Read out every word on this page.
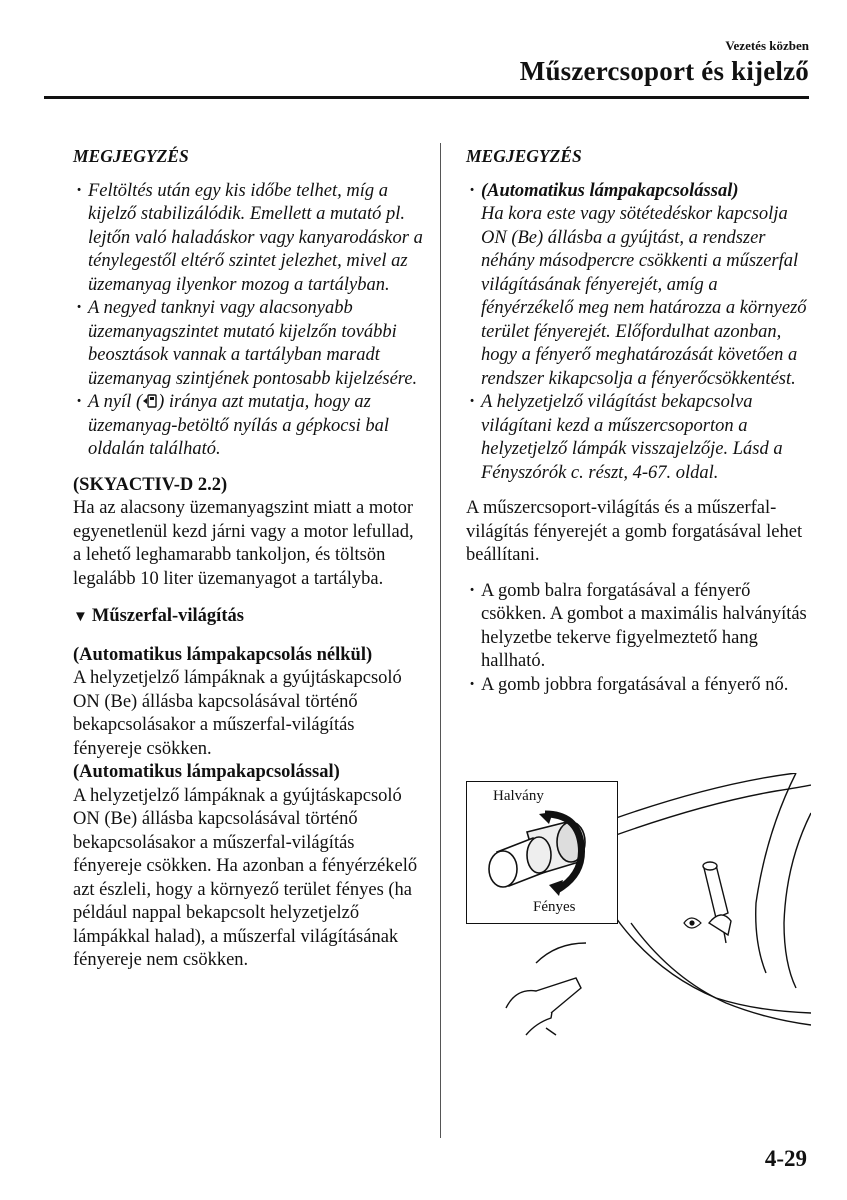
Vezetés közben
Műszercsoport és kijelző
MEGJEGYZÉS
· Feltöltés után egy kis időbe telhet, míg a kijelző stabilizálódik. Emellett a mutató pl. lejtőn való haladáskor vagy kanyarodáskor a ténylegestől eltérő szintet jelezhet, mivel az üzemanyag ilyenkor mozog a tartályban.
· A negyed tanknyi vagy alacsonyabb üzemanyagszintet mutató kijelzőn további beosztások vannak a tartályban maradt üzemanyag szintjének pontosabb kijelzésére.
· A nyíl ( ) iránya azt mutatja, hogy az üzemanyag-betöltő nyílás a gépkocsi bal oldalán található.
(SKYACTIV-D 2.2)

Ha az alacsony üzemanyagszint miatt a motor egyenetlenül kezd járni vagy a motor lefullad, a lehető leghamarabb tankoljon, és töltsön legalább 10 liter üzemanyagot a tartályba.

▼ Műszerfal-világítás
(Automatikus lámpakapcsolás nélkül)

A helyzetjelző lámpáknak a gyújtáskapcsoló ON (Be) állásba kapcsolásával történő bekapcsolásakor a műszerfal-világítás fényereje csökken.

(Automatikus lámpakapcsolással)

A helyzetjelző lámpáknak a gyújtáskapcsoló ON (Be) állásba kapcsolásával történő bekapcsolásakor a műszerfal-világítás fényereje csökken. Ha azonban a fényérzékelő azt észleli, hogy a környező terület fényes (ha például nappal bekapcsolt helyzetjelző lámpákkal halad), a műszerfal világításának fényereje nem csökken.

MEGJEGYZÉS
· (Automatikus lámpakapcsolással)
Ha kora este vagy sötétedéskor kapcsolja ON (Be) állásba a gyújtást, a rendszer néhány másodpercre csökkenti a műszerfal világításának fényerejét, amíg a fényérzékelő meg nem határozza a környező terület fényerejét. Előfordulhat azonban, hogy a fényerő meghatározását követően a rendszer kikapcsolja a fényerőcsökkentést.
· A helyzetjelző világítást bekapcsolva világítani kezd a műszercsoporton a helyzetjelző lámpák visszajelzője. Lásd a Fényszórók c. részt, 4-67. oldal.

A műszercsoport-világítás és a műszerfal-világítás fényerejét a gomb forgatásával lehet beállítani.

· A gomb balra forgatásával a fényerő csökken. A gombot a maximális halványítás helyzetbe tekerve figyelmeztető hang hallható.
· A gomb jobbra forgatásával a fényerő nő.
Halvány
Fényes
4-29
